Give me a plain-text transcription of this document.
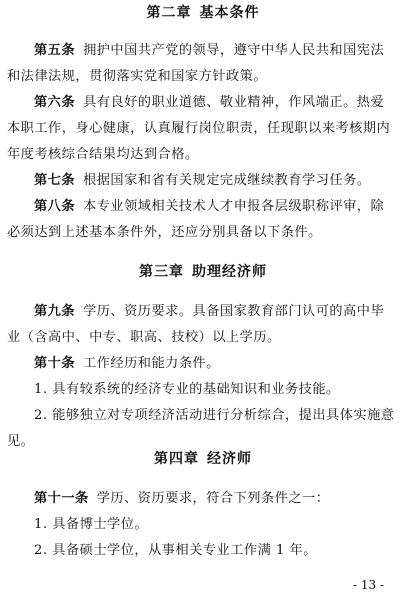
第二章 基本条件
第五条 拥护中国共产党的领导，遵守中华人民共和国宪法
和法律法规，贯彻落实党和国家方针政策。
第六条 具有良好的职业道德、敬业精神，作风端正。热爱
本职工作，身心健康，认真履行岗位职责，任现职以来考核期内
年度考核综合结果均达到合格。
第七条 根据国家和省有关规定完成继续教育学习任务。
第八条 本专业领域相关技术人才申报各层级职称评审，除
必须达到上述基本条件外，还应分别具备以下条件。
第三章 助理经济师
第九条 学历、资历要求。具备国家教育部门认可的高中毕
业（含高中、中专、职高、技校）以上学历。
第十条 工作经历和能力条件。
1. 具有较系统的经济专业的基础知识和业务技能。
2. 能够独立对专项经济活动进行分析综合，提出具体实施意
见。
第四章 经济师
第十一条 学历、资历要求，符合下列条件之一：
1. 具备博士学位。
2. 具备硕士学位，从事相关专业工作满 1 年。
- 13 -
